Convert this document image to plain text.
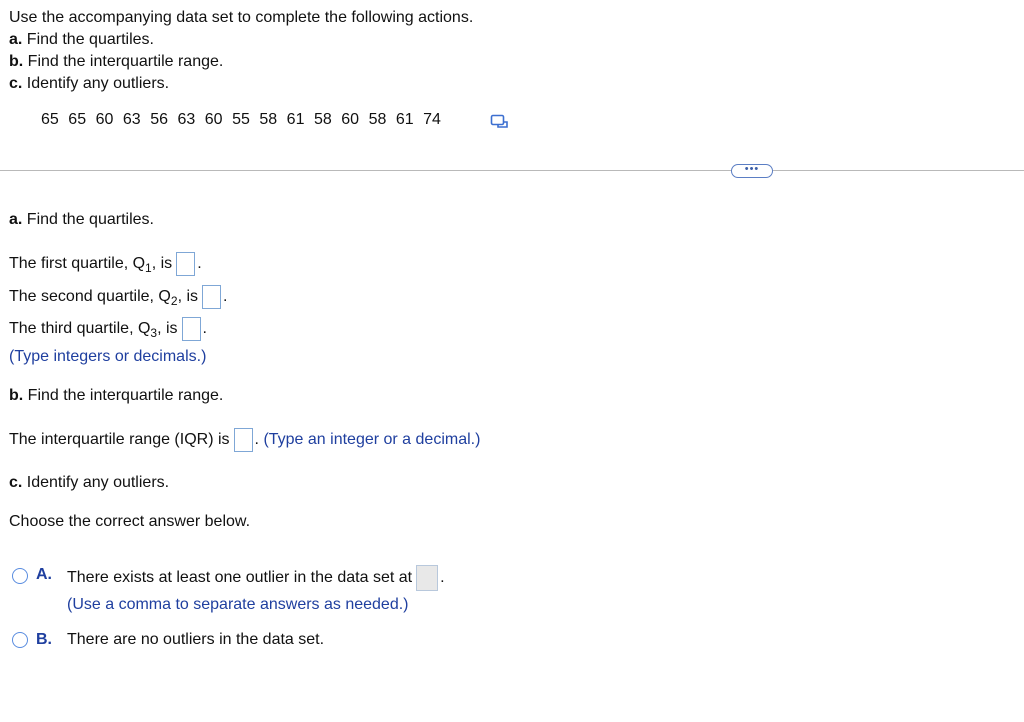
Use the accompanying data set to complete the following actions.
a. Find the quartiles.
b. Find the interquartile range.
c. Identify any outliers.
65 65 60 63 56 63 60 55 58 61 58 60 58 61 74
•••
a. Find the quartiles.
The first quartile, $Q_1$, is .
The second quartile, $Q_2$, is .
The third quartile, $Q_3$, is .
(Type integers or decimals.)
b. Find the interquartile range.
The interquartile range (IQR) is . (Type an integer or a decimal.)
c. Identify any outliers.
Choose the correct answer below.
A. There exists at least one outlier in the data set at .
(Use a comma to separate answers as needed.)
B. There are no outliers in the data set.
